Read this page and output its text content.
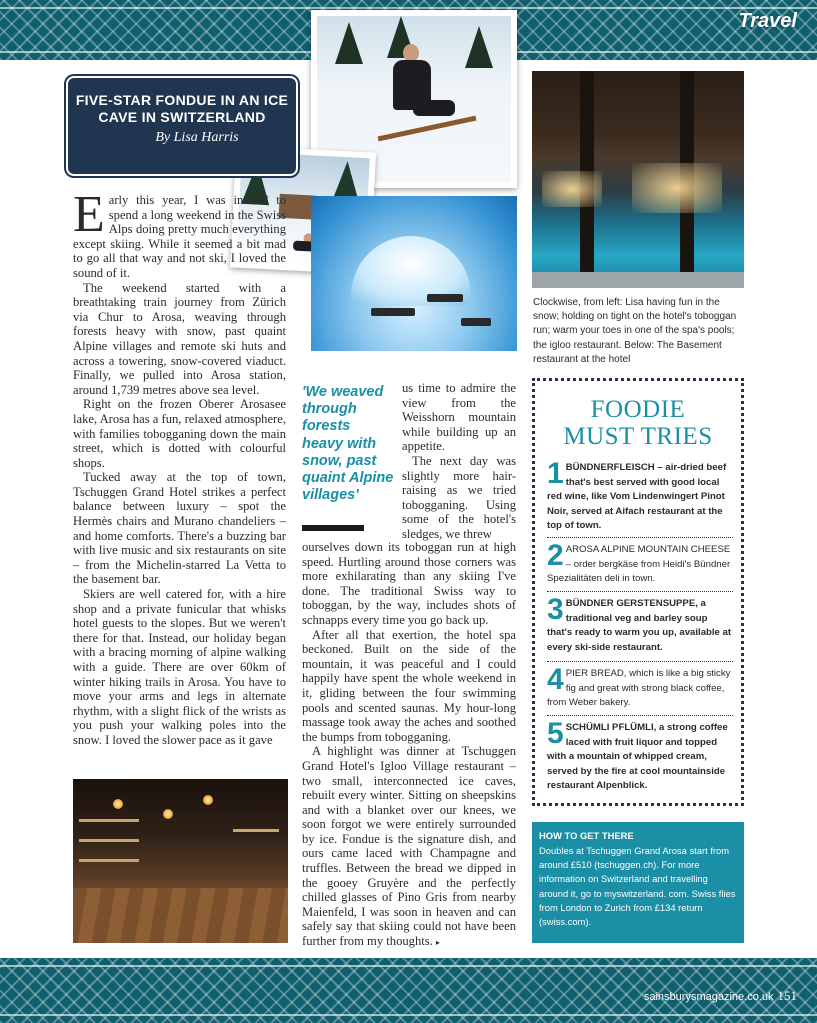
Travel
FIVE-STAR FONDUE IN AN ICE CAVE IN SWITZERLAND
By Lisa Harris

Early this year, I was invited to spend a long weekend in the Swiss Alps doing pretty much everything except skiing. While it seemed a bit mad to go all that way and not ski, I loved the sound of it.

The weekend started with a breathtaking train journey from Zürich via Chur to Arosa, weaving through forests heavy with snow, past quaint Alpine villages and remote ski huts and across a towering, snow-covered viaduct. Finally, we pulled into Arosa station, around 1,739 metres above sea level.

Right on the frozen Oberer Arosasee lake, Arosa has a fun, relaxed atmosphere, with families tobogganing down the main street, which is dotted with colourful shops.

Tucked away at the top of town, Tschuggen Grand Hotel strikes a perfect balance between luxury – spot the Hermès chairs and Murano chandeliers – and home comforts. There's a buzzing bar with live music and six restaurants on site – from the Michelin-starred La Vetta to the basement bar.

Skiers are well catered for, with a hire shop and a private funicular that whisks hotel guests to the slopes. But we weren't there for that. Instead, our holiday began with a bracing morning of alpine walking with a guide. There are over 60km of winter hiking trails in Arosa. You have to move your arms and legs in alternate rhythm, with a slight flick of the wrists as you push your walking poles into the snow. I loved the slower pace as it gave

'We weaved through forests heavy with snow, past quaint Alpine villages'

us time to admire the view from the Weisshorn mountain while building up an appetite.

The next day was slightly more hair-raising as we tried tobogganing. Using some of the hotel's sledges, we threw

ourselves down its toboggan run at high speed. Hurtling around those corners was more exhilarating than any skiing I've done. The traditional Swiss way to toboggan, by the way, includes shots of schnapps every time you go back up.

After all that exertion, the hotel spa beckoned. Built on the side of the mountain, it was peaceful and I could happily have spent the whole weekend in it, gliding between the four swimming pools and scented saunas. My hour-long massage took away the aches and soothed the bumps from tobogganing.

A highlight was dinner at Tschuggen Grand Hotel's Igloo Village restaurant – two small, interconnected ice caves, rebuilt every winter. Sitting on sheepskins and with a blanket over our knees, we soon forgot we were entirely surrounded by ice. Fondue is the signature dish, and ours came laced with Champagne and truffles. Between the bread we dipped in the gooey Gruyère and the perfectly chilled glasses of Pino Gris from nearby Maienfeld, I was soon in heaven and can safely say that skiing could not have been further from my thoughts. ▸

Clockwise, from left: Lisa having fun in the snow; holding on tight on the hotel's toboggan run; warm your toes in one of the spa's pools; the igloo restaurant. Below: The Basement restaurant at the hotel
FOODIE
MUST TRIES
1 BÜNDNERFLEISCH – air-dried beef that's best served with good local red wine, like Vom Lindenwingert Pinot Noir, served at Aifach restaurant at the top of town.
2 AROSA ALPINE MOUNTAIN CHEESE – order bergkäse from Heidi's Bündner Spezialitäten deli in town.
3 BÜNDNER GERSTENSUPPE, a traditional veg and barley soup that's ready to warm you up, available at every ski-side restaurant.
4 PIER BREAD, which is like a big sticky fig and great with strong black coffee, from Weber bakery.
5 SCHÜMLI PFLÜMLI, a strong coffee laced with fruit liquor and topped with a mountain of whipped cream, served by the fire at cool mountainside restaurant Alpenblick.
HOW TO GET THERE
Doubles at Tschuggen Grand Arosa start from around £510 (tschuggen.ch). For more information on Switzerland and travelling around it, go to myswitzerland. com. Swiss flies from London to Zurich from £134 return (swiss.com).
sainsburysmagazine.co.uk 151
